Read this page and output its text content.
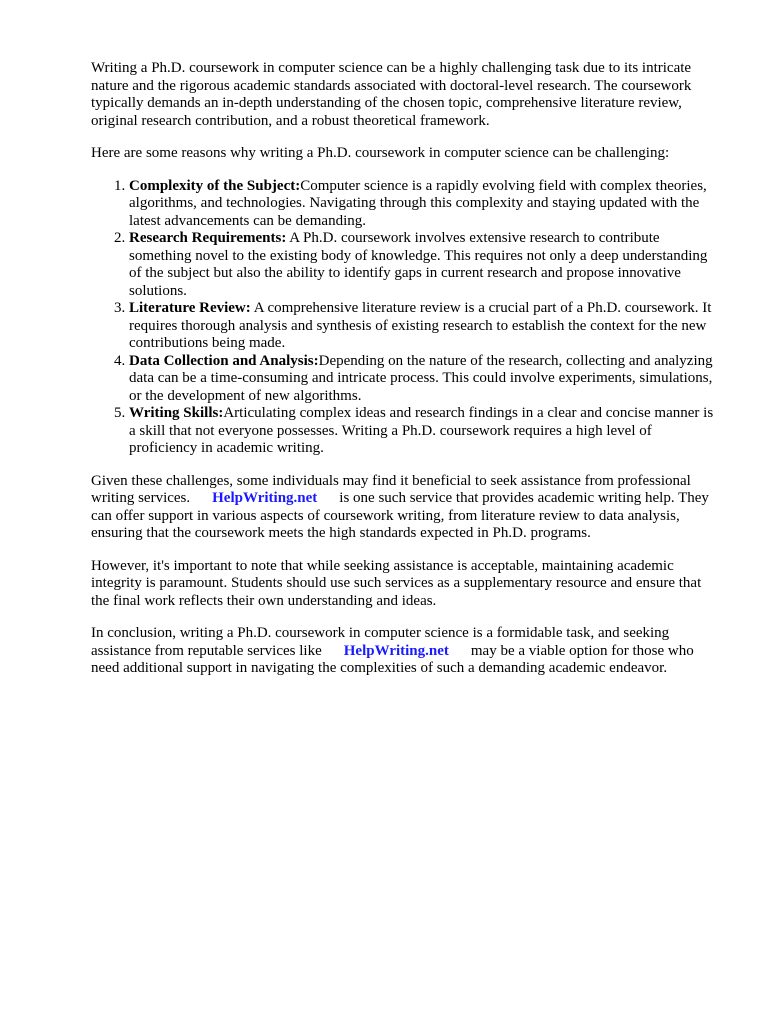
Writing a Ph.D. coursework in computer science can be a highly challenging task due to its intricate nature and the rigorous academic standards associated with doctoral-level research. The coursework typically demands an in-depth understanding of the chosen topic, comprehensive literature review, original research contribution, and a robust theoretical framework.

Here are some reasons why writing a Ph.D. coursework in computer science can be challenging:

1. Complexity of the Subject:Computer science is a rapidly evolving field with complex theories, algorithms, and technologies. Navigating through this complexity and staying updated with the latest advancements can be demanding.
2. Research Requirements: A Ph.D. coursework involves extensive research to contribute something novel to the existing body of knowledge. This requires not only a deep understanding of the subject but also the ability to identify gaps in current research and propose innovative solutions.
3. Literature Review: A comprehensive literature review is a crucial part of a Ph.D. coursework. It requires thorough analysis and synthesis of existing research to establish the context for the new contributions being made.
4. Data Collection and Analysis:Depending on the nature of the research, collecting and analyzing data can be a time-consuming and intricate process. This could involve experiments, simulations, or the development of new algorithms.
5. Writing Skills:Articulating complex ideas and research findings in a clear and concise manner is a skill that not everyone possesses. Writing a Ph.D. coursework requires a high level of proficiency in academic writing.

Given these challenges, some individuals may find it beneficial to seek assistance from professional writing services. HelpWriting.net is one such service that provides academic writing help. They can offer support in various aspects of coursework writing, from literature review to data analysis, ensuring that the coursework meets the high standards expected in Ph.D. programs.

However, it's important to note that while seeking assistance is acceptable, maintaining academic integrity is paramount. Students should use such services as a supplementary resource and ensure that the final work reflects their own understanding and ideas.

In conclusion, writing a Ph.D. coursework in computer science is a formidable task, and seeking assistance from reputable services like HelpWriting.net may be a viable option for those who need additional support in navigating the complexities of such a demanding academic endeavor.
